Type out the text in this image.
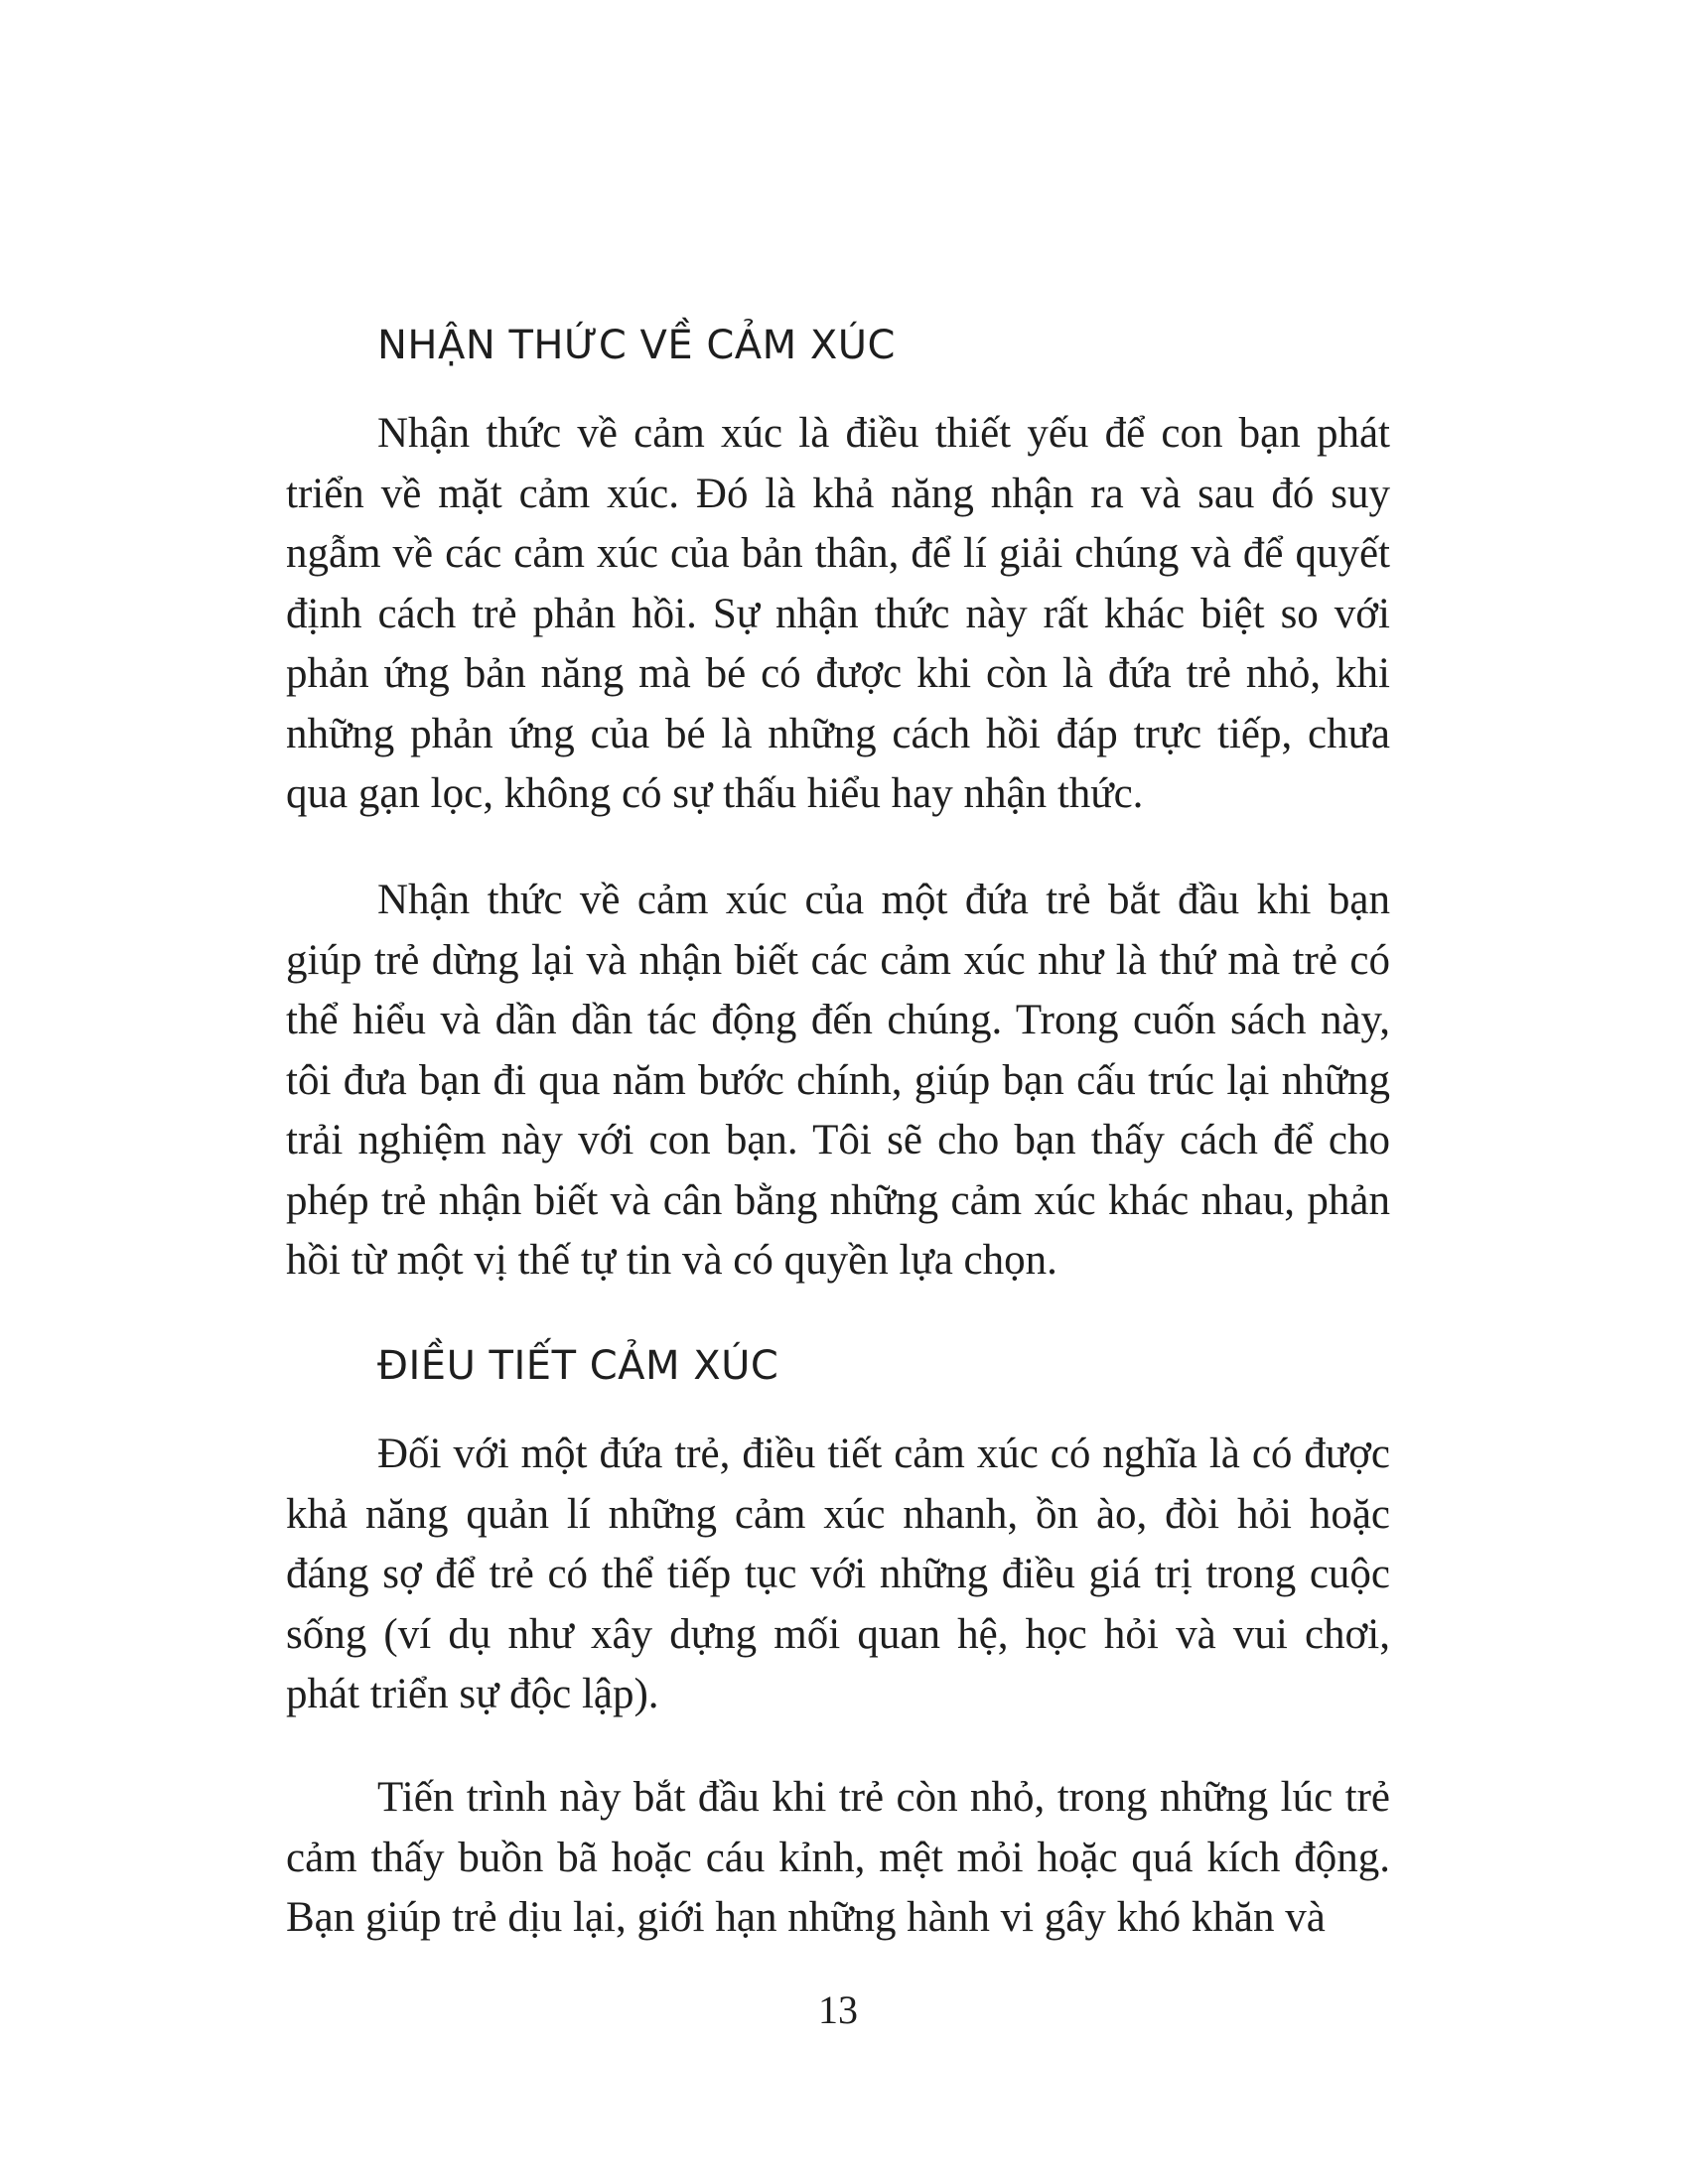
NHẬN THỨC VỀ CẢM XÚC

Nhận thức về cảm xúc là điều thiết yếu để con bạn phát triển về mặt cảm xúc. Đó là khả năng nhận ra và sau đó suy ngẫm về các cảm xúc của bản thân, để lí giải chúng và để quyết định cách trẻ phản hồi. Sự nhận thức này rất khác biệt so với phản ứng bản năng mà bé có được khi còn là đứa trẻ nhỏ, khi những phản ứng của bé là những cách hồi đáp trực tiếp, chưa qua gạn lọc, không có sự thấu hiểu hay nhận thức.

Nhận thức về cảm xúc của một đứa trẻ bắt đầu khi bạn giúp trẻ dừng lại và nhận biết các cảm xúc như là thứ mà trẻ có thể hiểu và dần dần tác động đến chúng. Trong cuốn sách này, tôi đưa bạn đi qua năm bước chính, giúp bạn cấu trúc lại những trải nghiệm này với con bạn. Tôi sẽ cho bạn thấy cách để cho phép trẻ nhận biết và cân bằng những cảm xúc khác nhau, phản hồi từ một vị thế tự tin và có quyền lựa chọn.

ĐIỀU TIẾT CẢM XÚC

Đối với một đứa trẻ, điều tiết cảm xúc có nghĩa là có được khả năng quản lí những cảm xúc nhanh, ồn ào, đòi hỏi hoặc đáng sợ để trẻ có thể tiếp tục với những điều giá trị trong cuộc sống (ví dụ như xây dựng mối quan hệ, học hỏi và vui chơi, phát triển sự độc lập).

Tiến trình này bắt đầu khi trẻ còn nhỏ, trong những lúc trẻ cảm thấy buồn bã hoặc cáu kỉnh, mệt mỏi hoặc quá kích động. Bạn giúp trẻ dịu lại, giới hạn những hành vi gây khó khăn và

13
